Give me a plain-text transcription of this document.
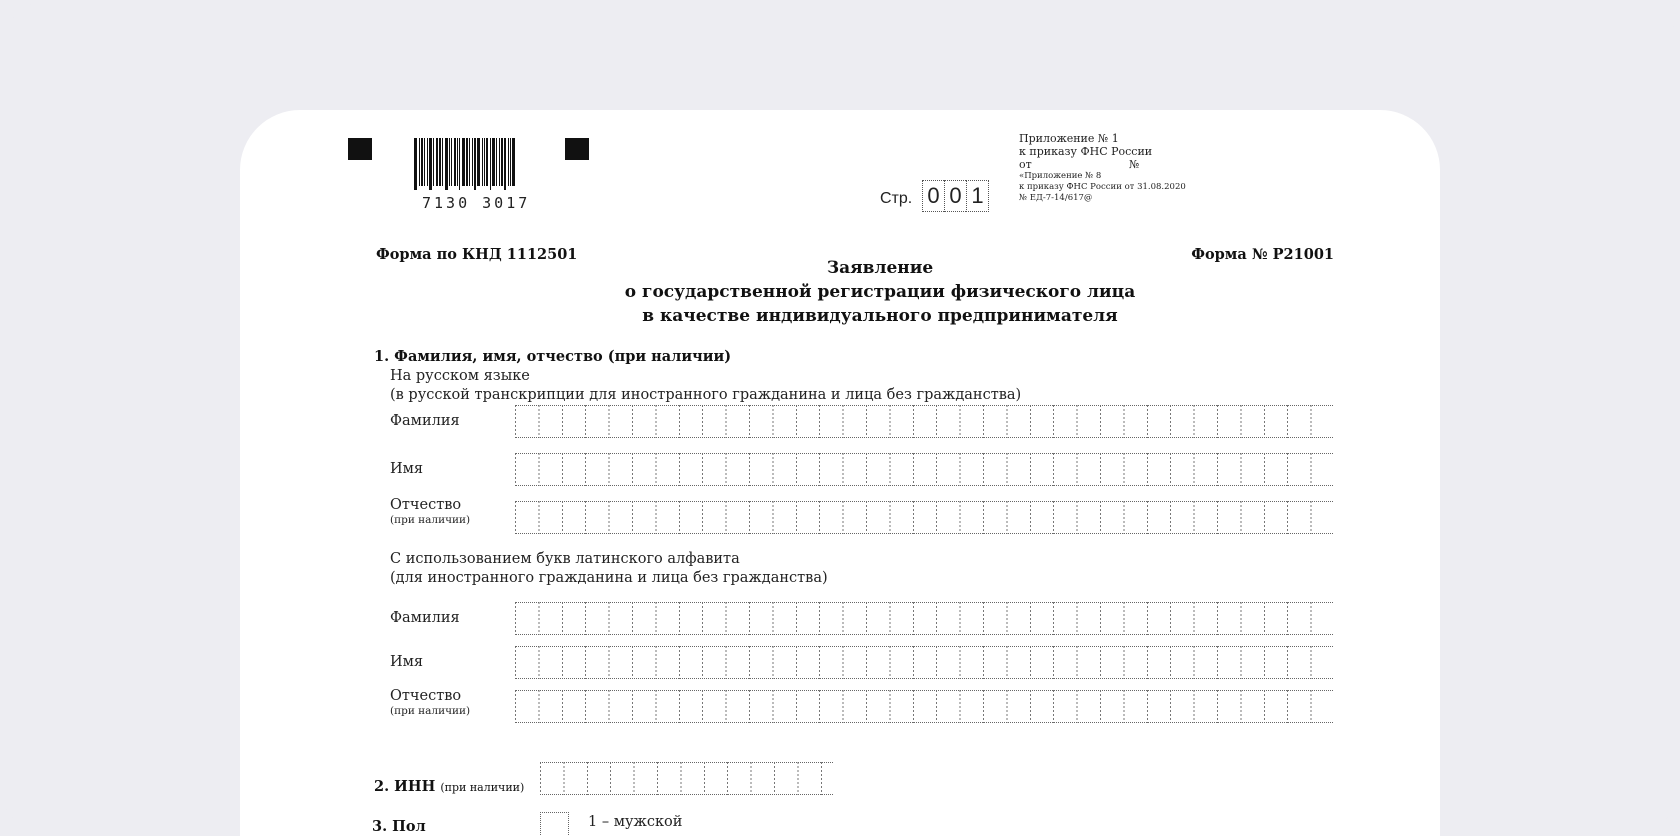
7130 3017	Стр. 0 0 1
Приложение № 1
к приказу ФНС России
от	№
«Приложение № 8
к приказу ФНС России от 31.08.2020
№ ЕД-7-14/617@
Форма по КНД 1112501	Форма № Р21001
Заявление
о государственной регистрации физического лица
в качестве индивидуального предпринимателя
1. Фамилия, имя, отчество (при наличии)
На русском языке
(в русской транскрипции для иностранного гражданина и лица без гражданства)
Фамилия
Имя
Отчество
(при наличии)
С использованием букв латинского алфавита
(для иностранного гражданина и лица без гражданства)
Фамилия
Имя
Отчество
(при наличии)
2. ИНН (при наличии)
3. Пол	1 – мужской
